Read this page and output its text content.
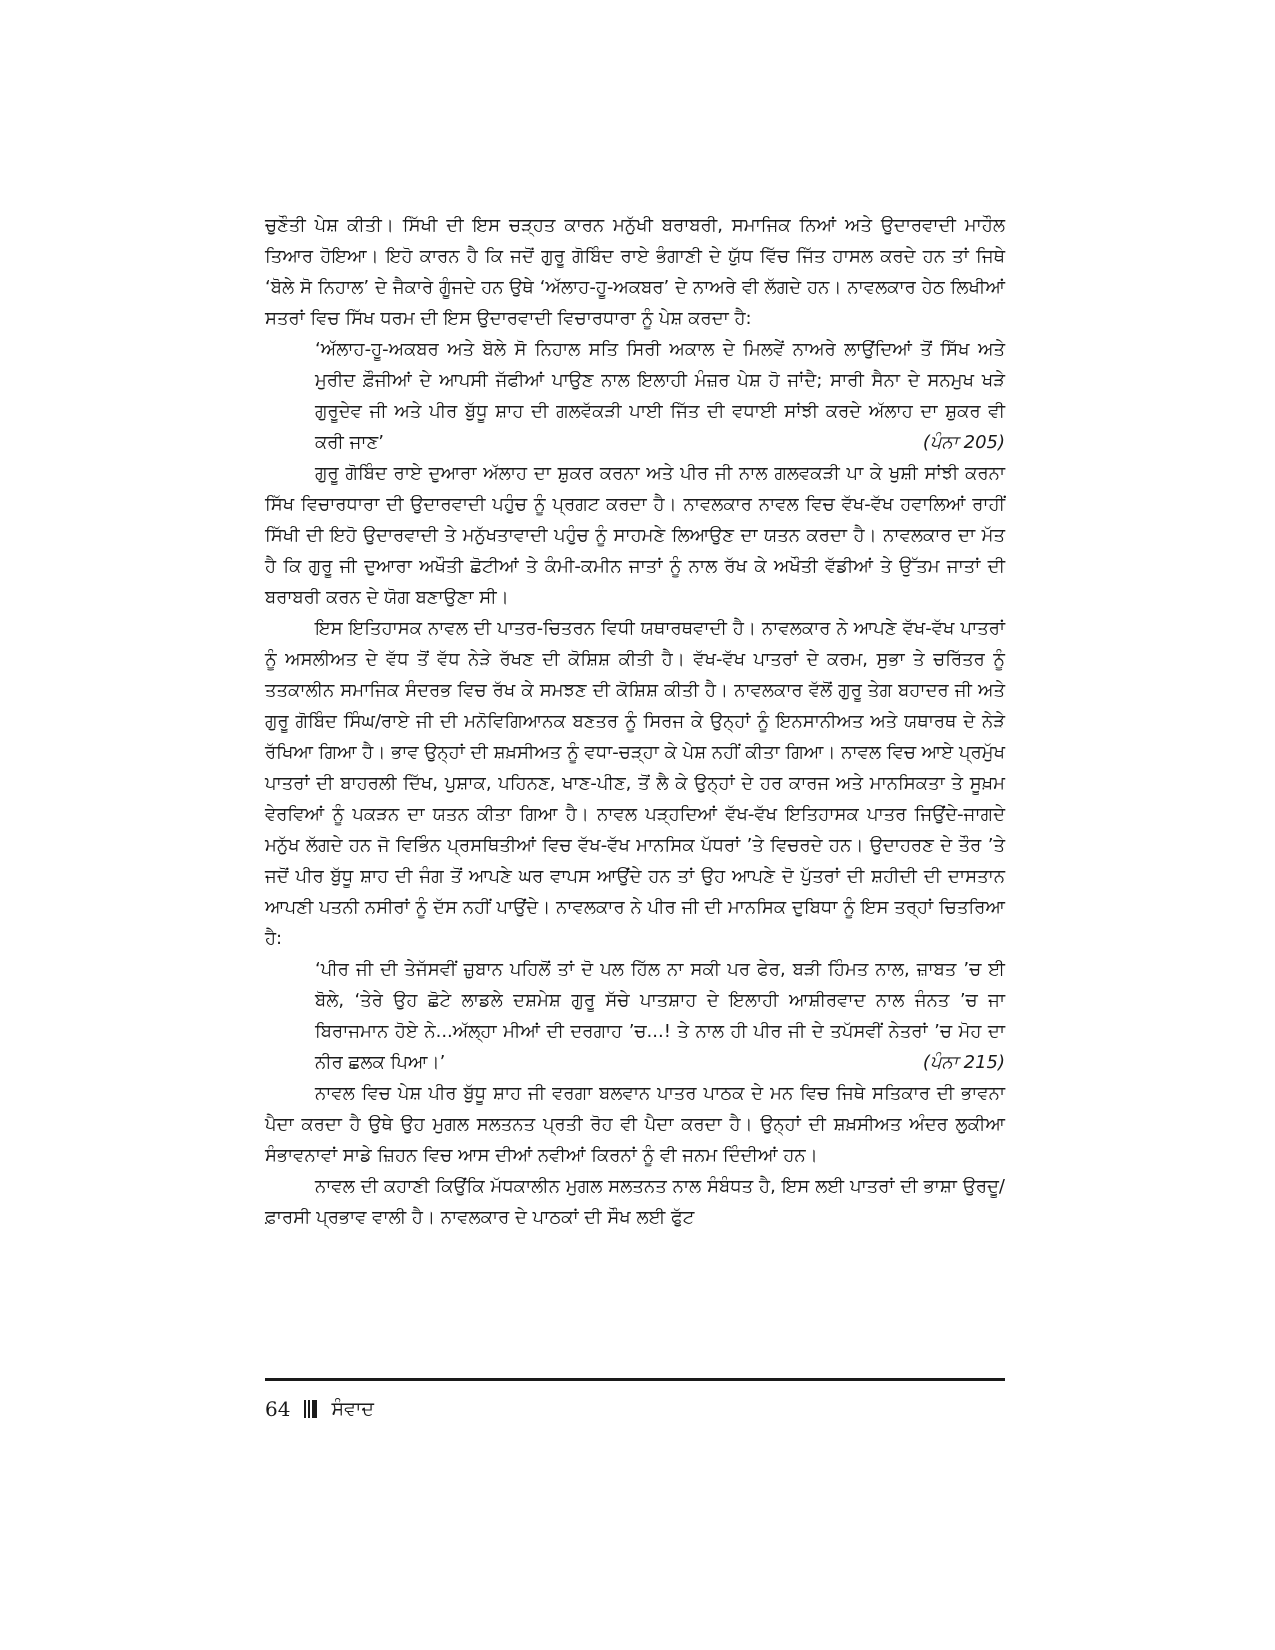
ਚੁਣੌਤੀ ਪੇਸ਼ ਕੀਤੀ। ਸਿੱਖੀ ਦੀ ਇਸ ਚੜ੍ਹਤ ਕਾਰਨ ਮਨੁੱਖੀ ਬਰਾਬਰੀ, ਸਮਾਜਿਕ ਨਿਆਂ ਅਤੇ ਉਦਾਰਵਾਦੀ ਮਾਹੌਲ ਤਿਆਰ ਹੋਇਆ। ਇਹੋ ਕਾਰਨ ਹੈ ਕਿ ਜਦੋਂ ਗੁਰੂ ਗੋਬਿੰਦ ਰਾਏ ਭੰਗਾਣੀ ਦੇ ਯੁੱਧ ਵਿੱਚ ਜਿੱਤ ਹਾਸਲ ਕਰਦੇ ਹਨ ਤਾਂ ਜਿਥੇ ‘ਬੋਲੇ ਸੋ ਨਿਹਾਲ’ ਦੇ ਜੈਕਾਰੇ ਗੂੰਜਦੇ ਹਨ ਉਥੇ ‘ਅੱਲਾਹ-ਹੂ-ਅਕਬਰ’ ਦੇ ਨਾਅਰੇ ਵੀ ਲੱਗਦੇ ਹਨ। ਨਾਵਲਕਾਰ ਹੇਠ ਲਿਖੀਆਂ ਸਤਰਾਂ ਵਿਚ ਸਿੱਖ ਧਰਮ ਦੀ ਇਸ ਉਦਾਰਵਾਦੀ ਵਿਚਾਰਧਾਰਾ ਨੂੰ ਪੇਸ਼ ਕਰਦਾ ਹੈ:

‘ਅੱਲਾਹ-ਹੂ-ਅਕਬਰ ਅਤੇ ਬੋਲੇ ਸੋ ਨਿਹਾਲ ਸਤਿ ਸਿਰੀ ਅਕਾਲ ਦੇ ਮਿਲਵੇਂ ਨਾਅਰੇ ਲਾਉਂਦਿਆਂ ਤੋਂ ਸਿੱਖ ਅਤੇ ਮੁਰੀਦ ਫ਼ੌਜੀਆਂ ਦੇ ਆਪਸੀ ਜੱਫੀਆਂ ਪਾਉਣ ਨਾਲ ਇਲਾਹੀ ਮੰਜ਼ਰ ਪੇਸ਼ ਹੋ ਜਾਂਦੈ; ਸਾਰੀ ਸੈਨਾ ਦੇ ਸਨਮੁਖ ਖੜੇ ਗੁਰੂਦੇਵ ਜੀ ਅਤੇ ਪੀਰ ਬੁੱਧੂ ਸ਼ਾਹ ਦੀ ਗਲਵੱਕੜੀ ਪਾਈ ਜਿੱਤ ਦੀ ਵਧਾਈ ਸਾਂਝੀ ਕਰਦੇ ਅੱਲਾਹ ਦਾ ਸ਼ੁਕਰ ਵੀ ਕਰੀ ਜਾਣ’	(ਪੰਨਾ 205)

ਗੁਰੂ ਗੋਬਿੰਦ ਰਾਏ ਦੁਆਰਾ ਅੱਲਾਹ ਦਾ ਸ਼ੁਕਰ ਕਰਨਾ ਅਤੇ ਪੀਰ ਜੀ ਨਾਲ ਗਲਵਕੜੀ ਪਾ ਕੇ ਖੁਸ਼ੀ ਸਾਂਝੀ ਕਰਨਾ ਸਿੱਖ ਵਿਚਾਰਧਾਰਾ ਦੀ ਉਦਾਰਵਾਦੀ ਪਹੁੰਚ ਨੂੰ ਪ੍ਰਗਟ ਕਰਦਾ ਹੈ। ਨਾਵਲਕਾਰ ਨਾਵਲ ਵਿਚ ਵੱਖ-ਵੱਖ ਹਵਾਲਿਆਂ ਰਾਹੀਂ ਸਿੱਖੀ ਦੀ ਇਹੋ ਉਦਾਰਵਾਦੀ ਤੇ ਮਨੁੱਖਤਾਵਾਦੀ ਪਹੁੰਚ ਨੂੰ ਸਾਹਮਣੇ ਲਿਆਉਣ ਦਾ ਯਤਨ ਕਰਦਾ ਹੈ। ਨਾਵਲਕਾਰ ਦਾ ਮੱਤ ਹੈ ਕਿ ਗੁਰੂ ਜੀ ਦੁਆਰਾ ਅਖੌਤੀ ਛੋਟੀਆਂ ਤੇ ਕੰਮੀ-ਕਮੀਨ ਜਾਤਾਂ ਨੂੰ ਨਾਲ ਰੱਖ ਕੇ ਅਖੌਤੀ ਵੱਡੀਆਂ ਤੇ ਉੱਤਮ ਜਾਤਾਂ ਦੀ ਬਰਾਬਰੀ ਕਰਨ ਦੇ ਯੋਗ ਬਣਾਉਣਾ ਸੀ।

ਇਸ ਇਤਿਹਾਸਕ ਨਾਵਲ ਦੀ ਪਾਤਰ-ਚਿਤਰਨ ਵਿਧੀ ਯਥਾਰਥਵਾਦੀ ਹੈ। ਨਾਵਲਕਾਰ ਨੇ ਆਪਣੇ ਵੱਖ-ਵੱਖ ਪਾਤਰਾਂ ਨੂੰ ਅਸਲੀਅਤ ਦੇ ਵੱਧ ਤੋਂ ਵੱਧ ਨੇੜੇ ਰੱਖਣ ਦੀ ਕੋਸ਼ਿਸ਼ ਕੀਤੀ ਹੈ। ਵੱਖ-ਵੱਖ ਪਾਤਰਾਂ ਦੇ ਕਰਮ, ਸੁਭਾ ਤੇ ਚਰਿੱਤਰ ਨੂੰ ਤਤਕਾਲੀਨ ਸਮਾਜਿਕ ਸੰਦਰਭ ਵਿਚ ਰੱਖ ਕੇ ਸਮਝਣ ਦੀ ਕੋਸ਼ਿਸ਼ ਕੀਤੀ ਹੈ। ਨਾਵਲਕਾਰ ਵੱਲੋਂ ਗੁਰੂ ਤੇਗ ਬਹਾਦਰ ਜੀ ਅਤੇ ਗੁਰੂ ਗੋਬਿੰਦ ਸਿੰਘ/ਰਾਏ ਜੀ ਦੀ ਮਨੋਵਿਗਿਆਨਕ ਬਣਤਰ ਨੂੰ ਸਿਰਜ ਕੇ ਉਨ੍ਹਾਂ ਨੂੰ ਇਨਸਾਨੀਅਤ ਅਤੇ ਯਥਾਰਥ ਦੇ ਨੇੜੇ ਰੱਖਿਆ ਗਿਆ ਹੈ। ਭਾਵ ਉਨ੍ਹਾਂ ਦੀ ਸ਼ਖ਼ਸੀਅਤ ਨੂੰ ਵਧਾ-ਚੜ੍ਹਾ ਕੇ ਪੇਸ਼ ਨਹੀਂ ਕੀਤਾ ਗਿਆ। ਨਾਵਲ ਵਿਚ ਆਏ ਪ੍ਰਮੁੱਖ ਪਾਤਰਾਂ ਦੀ ਬਾਹਰਲੀ ਦਿੱਖ, ਪੁਸ਼ਾਕ, ਪਹਿਨਣ, ਖਾਣ-ਪੀਣ, ਤੋਂ ਲੈ ਕੇ ਉਨ੍ਹਾਂ ਦੇ ਹਰ ਕਾਰਜ ਅਤੇ ਮਾਨਸਿਕਤਾ ਤੇ ਸੂਖ਼ਮ ਵੇਰਵਿਆਂ ਨੂੰ ਪਕੜਨ ਦਾ ਯਤਨ ਕੀਤਾ ਗਿਆ ਹੈ। ਨਾਵਲ ਪੜ੍ਹਦਿਆਂ ਵੱਖ-ਵੱਖ ਇਤਿਹਾਸਕ ਪਾਤਰ ਜਿਉਂਦੇ-ਜਾਗਦੇ ਮਨੁੱਖ ਲੱਗਦੇ ਹਨ ਜੋ ਵਿਭਿੰਨ ਪ੍ਰਸਥਿਤੀਆਂ ਵਿਚ ਵੱਖ-ਵੱਖ ਮਾਨਸਿਕ ਪੱਧਰਾਂ ’ਤੇ ਵਿਚਰਦੇ ਹਨ। ਉਦਾਹਰਣ ਦੇ ਤੌਰ ’ਤੇ ਜਦੋਂ ਪੀਰ ਬੁੱਧੂ ਸ਼ਾਹ ਦੀ ਜੰਗ ਤੋਂ ਆਪਣੇ ਘਰ ਵਾਪਸ ਆਉਂਦੇ ਹਨ ਤਾਂ ਉਹ ਆਪਣੇ ਦੋ ਪੁੱਤਰਾਂ ਦੀ ਸ਼ਹੀਦੀ ਦੀ ਦਾਸਤਾਨ ਆਪਣੀ ਪਤਨੀ ਨਸੀਰਾਂ ਨੂੰ ਦੱਸ ਨਹੀਂ ਪਾਉਂਦੇ। ਨਾਵਲਕਾਰ ਨੇ ਪੀਰ ਜੀ ਦੀ ਮਾਨਸਿਕ ਦੁਬਿਧਾ ਨੂੰ ਇਸ ਤਰ੍ਹਾਂ ਚਿਤਰਿਆ ਹੈ:

‘ਪੀਰ ਜੀ ਦੀ ਤੇਜੱਸਵੀਂ ਜ਼ੁਬਾਨ ਪਹਿਲੋਂ ਤਾਂ ਦੋ ਪਲ ਹਿੱਲ ਨਾ ਸਕੀ ਪਰ ਫੇਰ, ਬੜੀ ਹਿੰਮਤ ਨਾਲ, ਜ਼ਾਬਤ ’ਚ ਈ ਬੋਲੇ, ‘ਤੇਰੇ ਉਹ ਛੋਟੇ ਲਾਡਲੇ ਦਸ਼ਮੇਸ਼ ਗੁਰੂ ਸੱਚੇ ਪਾਤਸ਼ਾਹ ਦੇ ਇਲਾਹੀ ਆਸ਼ੀਰਵਾਦ ਨਾਲ ਜੰਨਤ ’ਚ ਜਾ ਬਿਰਾਜਮਾਨ ਹੋਏ ਨੇ...ਅੱਲ੍ਹਾ ਮੀਆਂ ਦੀ ਦਰਗਾਹ ’ਚ...! ਤੇ ਨਾਲ ਹੀ ਪੀਰ ਜੀ ਦੇ ਤਪੱਸਵੀਂ ਨੇਤਰਾਂ ’ਚ ਮੋਹ ਦਾ ਨੀਰ ਛਲਕ ਪਿਆ।’	(ਪੰਨਾ 215)

ਨਾਵਲ ਵਿਚ ਪੇਸ਼ ਪੀਰ ਬੁੱਧੂ ਸ਼ਾਹ ਜੀ ਵਰਗਾ ਬਲਵਾਨ ਪਾਤਰ ਪਾਠਕ ਦੇ ਮਨ ਵਿਚ ਜਿਥੇ ਸਤਿਕਾਰ ਦੀ ਭਾਵਨਾ ਪੈਦਾ ਕਰਦਾ ਹੈ ਉਥੇ ਉਹ ਮੁਗਲ ਸਲਤਨਤ ਪ੍ਰਤੀ ਰੋਹ ਵੀ ਪੈਦਾ ਕਰਦਾ ਹੈ। ਉਨ੍ਹਾਂ ਦੀ ਸ਼ਖ਼ਸੀਅਤ ਅੰਦਰ ਲੁਕੀਆ ਸੰਭਾਵਨਾਵਾਂ ਸਾਡੇ ਜ਼ਿਹਨ ਵਿਚ ਆਸ ਦੀਆਂ ਨਵੀਆਂ ਕਿਰਨਾਂ ਨੂੰ ਵੀ ਜਨਮ ਦਿੰਦੀਆਂ ਹਨ।

ਨਾਵਲ ਦੀ ਕਹਾਣੀ ਕਿਉਂਕਿ ਮੱਧਕਾਲੀਨ ਮੁਗਲ ਸਲਤਨਤ ਨਾਲ ਸੰਬੰਧਤ ਹੈ, ਇਸ ਲਈ ਪਾਤਰਾਂ ਦੀ ਭਾਸ਼ਾ ਉਰਦੂ/ਫ਼ਾਰਸੀ ਪ੍ਰਭਾਵ ਵਾਲੀ ਹੈ। ਨਾਵਲਕਾਰ ਦੇ ਪਾਠਕਾਂ ਦੀ ਸੌਖ ਲਈ ਫੁੱਟ

64 ਸੰਵਾਦ
